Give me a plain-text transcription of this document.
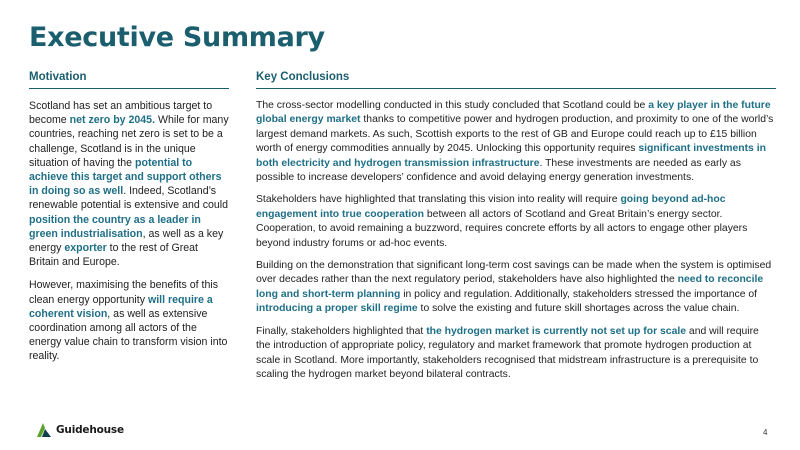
Executive Summary
Motivation

Scotland has set an ambitious target to become net zero by 2045. While for many countries, reaching net zero is set to be a challenge, Scotland is in the unique situation of having the potential to achieve this target and support others in doing so as well. Indeed, Scotland’s renewable potential is extensive and could position the country as a leader in green industrialisation, as well as a key energy exporter to the rest of Great Britain and Europe.

However, maximising the benefits of this clean energy opportunity will require a coherent vision, as well as extensive coordination among all actors of the energy value chain to transform vision into reality.

Key Conclusions

The cross-sector modelling conducted in this study concluded that Scotland could be a key player in the future global energy market thanks to competitive power and hydrogen production, and proximity to one of the world’s largest demand markets. As such, Scottish exports to the rest of GB and Europe could reach up to £15 billion worth of energy commodities annually by 2045. Unlocking this opportunity requires significant investments in both electricity and hydrogen transmission infrastructure. These investments are needed as early as possible to increase developers’ confidence and avoid delaying energy generation investments.

Stakeholders have highlighted that translating this vision into reality will require going beyond ad-hoc engagement into true cooperation between all actors of Scotland and Great Britain’s energy sector. Cooperation, to avoid remaining a buzzword, requires concrete efforts by all actors to engage other players beyond industry forums or ad-hoc events.

Building on the demonstration that significant long-term cost savings can be made when the system is optimised over decades rather than the next regulatory period, stakeholders have also highlighted the need to reconcile long and short-term planning in policy and regulation. Additionally, stakeholders stressed the importance of introducing a proper skill regime to solve the existing and future skill shortages across the value chain.

Finally, stakeholders highlighted that the hydrogen market is currently not set up for scale and will require the introduction of appropriate policy, regulatory and market framework that promote hydrogen production at scale in Scotland. More importantly, stakeholders recognised that midstream infrastructure is a prerequisite to scaling the hydrogen market beyond bilateral contracts.

Guidehouse	4
